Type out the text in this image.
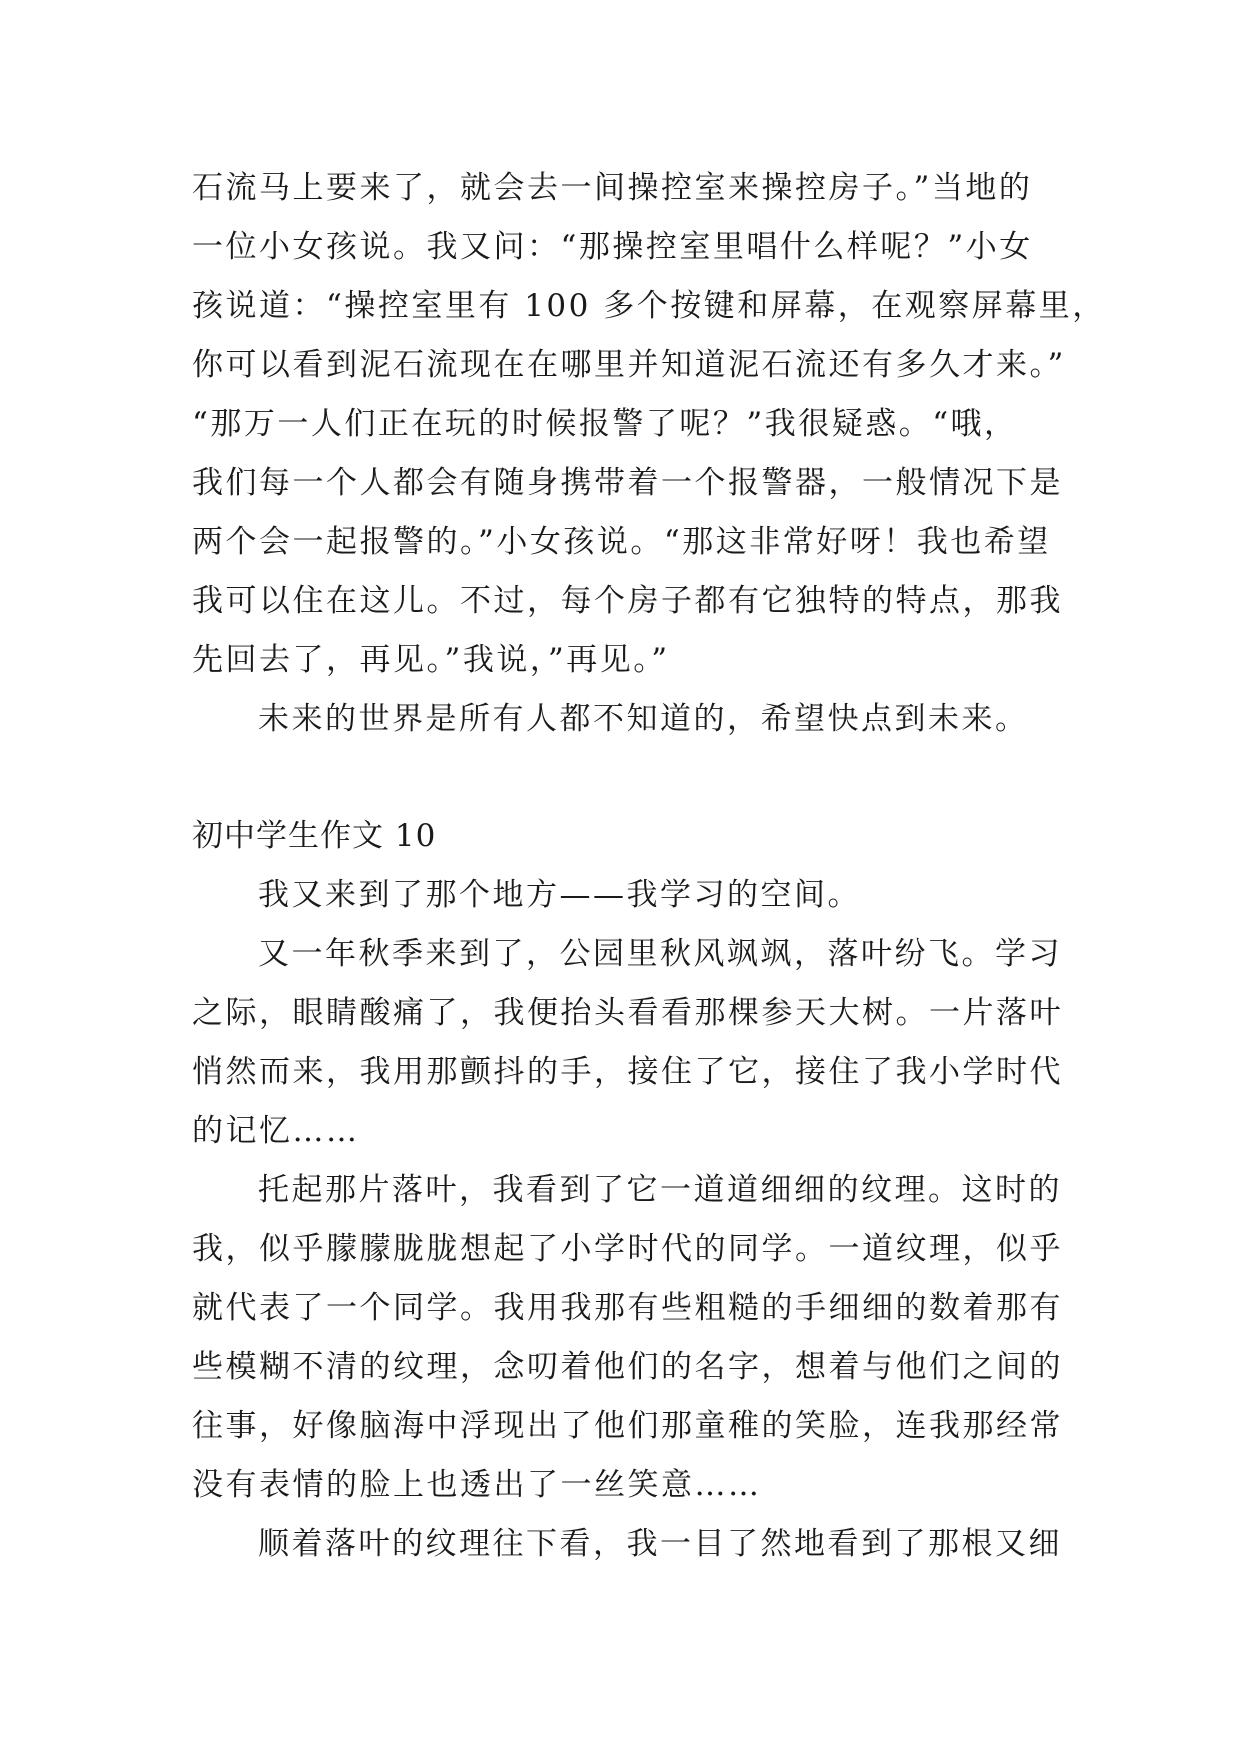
石流马上要来了，就会去一间操控室来操控房子。”当地的
一位小女孩说。我又问：“那操控室里唱什么样呢？”小女
孩说道：“操控室里有 100 多个按键和屏幕，在观察屏幕里，
你可以看到泥石流现在在哪里并知道泥石流还有多久才来。”
“那万一人们正在玩的时候报警了呢？”我很疑惑。“哦，
我们每一个人都会有随身携带着一个报警器，一般情况下是
两个会一起报警的。”小女孩说。“那这非常好呀！我也希望
我可以住在这儿。不过，每个房子都有它独特的特点，那我
先回去了，再见。”我说，”再见。”
未来的世界是所有人都不知道的，希望快点到未来。
初中学生作文 10
我又来到了那个地方——我学习的空间。
又一年秋季来到了，公园里秋风飒飒，落叶纷飞。学习
之际，眼睛酸痛了，我便抬头看看那棵参天大树。一片落叶
悄然而来，我用那颤抖的手，接住了它，接住了我小学时代
的记忆……
托起那片落叶，我看到了它一道道细细的纹理。这时的
我，似乎朦朦胧胧想起了小学时代的同学。一道纹理，似乎
就代表了一个同学。我用我那有些粗糙的手细细的数着那有
些模糊不清的纹理，念叨着他们的名字，想着与他们之间的
往事，好像脑海中浮现出了他们那童稚的笑脸，连我那经常
没有表情的脸上也透出了一丝笑意……
顺着落叶的纹理往下看，我一目了然地看到了那根又细
